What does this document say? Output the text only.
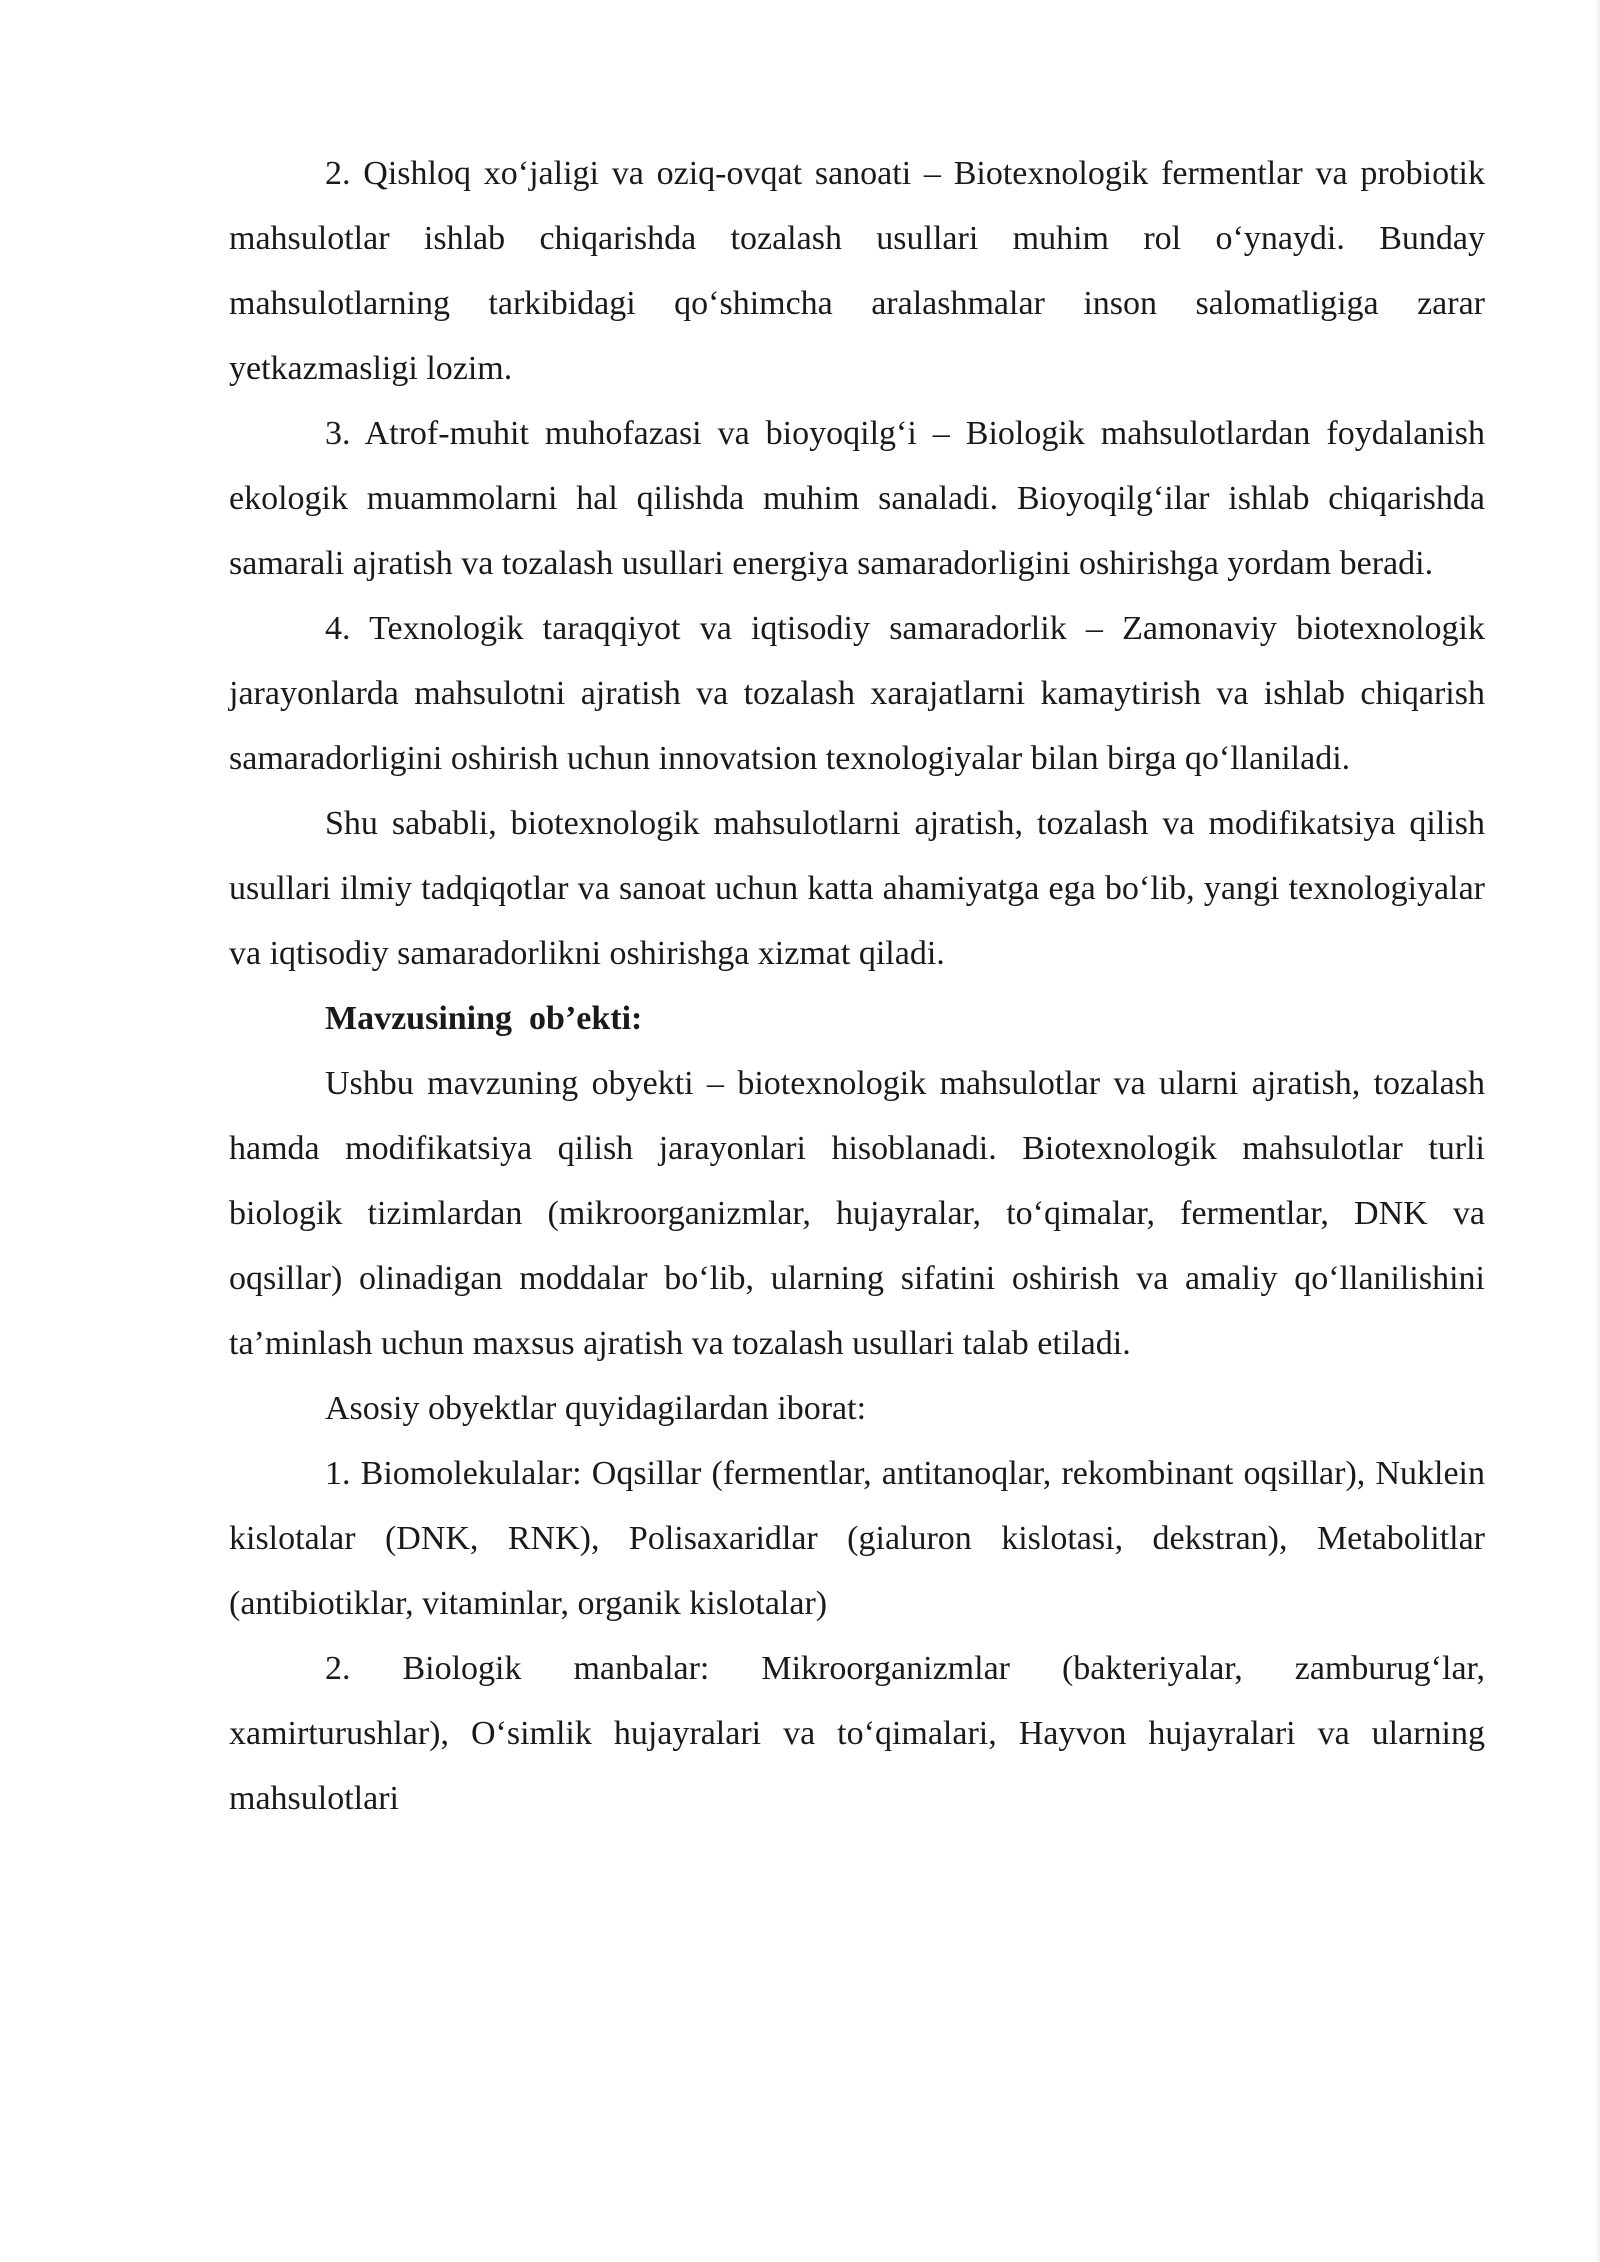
2. Qishloq xo‘jaligi va oziq-ovqat sanoati – Biotexnologik fermentlar va probiotik mahsulotlar ishlab chiqarishda tozalash usullari muhim rol o‘ynaydi. Bunday mahsulotlarning tarkibidagi qo‘shimcha aralashmalar inson salomatligiga zarar yetkazmasligi lozim.

3. Atrof-muhit muhofazasi va bioyoqilg‘i – Biologik mahsulotlardan foydalanish ekologik muammolarni hal qilishda muhim sanaladi. Bioyoqilg‘ilar ishlab chiqarishda samarali ajratish va tozalash usullari energiya samaradorligini oshirishga yordam beradi.

4. Texnologik taraqqiyot va iqtisodiy samaradorlik – Zamonaviy biotexnologik jarayonlarda mahsulotni ajratish va tozalash xarajatlarni kamaytirish va ishlab chiqarish samaradorligini oshirish uchun innovatsion texnologiyalar bilan birga qo‘llaniladi.

Shu sababli, biotexnologik mahsulotlarni ajratish, tozalash va modifikatsiya qilish usullari ilmiy tadqiqotlar va sanoat uchun katta ahamiyatga ega bo‘lib, yangi texnologiyalar va iqtisodiy samaradorlikni oshirishga xizmat qiladi.

Mavzusining  ob’ekti:

Ushbu mavzuning obyekti – biotexnologik mahsulotlar va ularni ajratish, tozalash hamda modifikatsiya qilish jarayonlari hisoblanadi. Biotexnologik mahsulotlar turli biologik tizimlardan (mikroorganizmlar, hujayralar, to‘qimalar, fermentlar, DNK va oqsillar) olinadigan moddalar bo‘lib, ularning sifatini oshirish va amaliy qo‘llanilishini ta’minlash uchun maxsus ajratish va tozalash usullari talab etiladi.

Asosiy obyektlar quyidagilardan iborat:

1. Biomolekulalar: Oqsillar (fermentlar, antitanoqlar, rekombinant oqsillar), Nuklein kislotalar (DNK, RNK), Polisaxaridlar (gialuron kislotasi, dekstran), Metabolitlar (antibiotiklar, vitaminlar, organik kislotalar)

2. Biologik manbalar: Mikroorganizmlar (bakteriyalar, zamburug‘lar, xamirturushlar), O‘simlik hujayralari va to‘qimalari, Hayvon hujayralari va ularning mahsulotlari
